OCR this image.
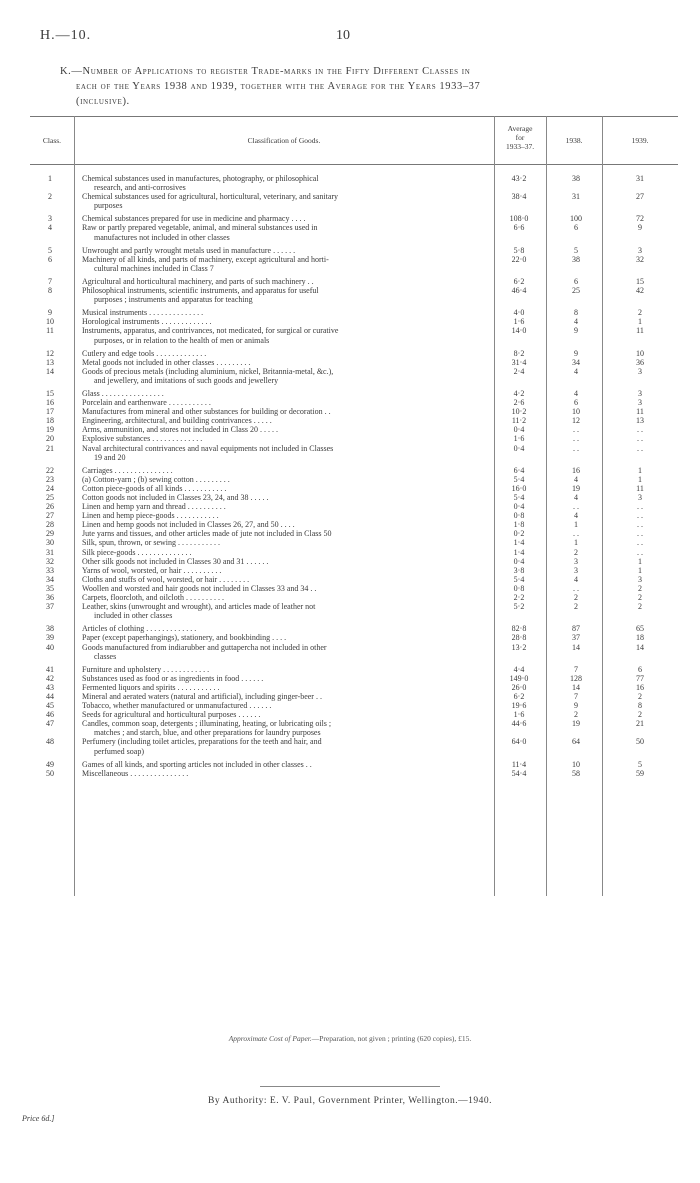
H.—10.	10
K.—Number of Applications to register Trade-marks in the Fifty Different Classes in
each of the Years 1938 and 1939, together with the Average for the Years 1933–37
(inclusive).
Class.	Classification of Goods.
Average
for
1933–37.
1938.	1939.
1	Chemical substances used in manufactures, photography, or philosophical
research, and anti-corrosives
43·2	38	31
2	Chemical substances used for agricultural, horticultural, veterinary, and sanitary
purposes
38·4	31	27
3	Chemical substances prepared for use in medicine and pharmacy . . . .	108·0	100	72
4	Raw or partly prepared vegetable, animal, and mineral substances used in
manufactures not included in other classes
6·6	6	9
5	Unwrought and partly wrought metals used in manufacture . . . . . .	5·8	5	3
6	Machinery of all kinds, and parts of machinery, except agricultural and horti-
cultural machines included in Class 7
22·0	38	32
7	Agricultural and horticultural machinery, and parts of such machinery . .	6·2	6	15
8	Philosophical instruments, scientific instruments, and apparatus for useful
purposes ; instruments and apparatus for teaching
46·4	25	42
9	Musical instruments . . . . . . . . . . . . . .	4·0	8	2
10	Horological instruments . . . . . . . . . . . . .	1·6	4	1
11	Instruments, apparatus, and contrivances, not medicated, for surgical or curative
purposes, or in relation to the health of men or animals
14·0	9	11
12	Cutlery and edge tools . . . . . . . . . . . . .	8·2	9	10
13	Metal goods not included in other classes . . . . . . . . .	31·4	34	36
14	Goods of precious metals (including aluminium, nickel, Britannia-metal, &c.),
and jewellery, and imitations of such goods and jewellery
2·4	4	3
15	Glass . . . . . . . . . . . . . . . .	4·2	4	3
16	Porcelain and earthenware . . . . . . . . . . .	2·6	6	3
17	Manufactures from mineral and other substances for building or decoration . .	10·2	10	11
18	Engineering, architectural, and building contrivances . . . . .	11·2	12	13
19	Arms, ammunition, and stores not included in Class 20 . . . . .	0·4	. .	. .
20	Explosive substances . . . . . . . . . . . . .	1·6	. .	. .
21	Naval architectural contrivances and naval equipments not included in Classes
19 and 20
0·4	. .	. .
22	Carriages . . . . . . . . . . . . . . .	6·4	16	1
23	(a) Cotton-yarn ; (b) sewing cotton . . . . . . . . .	5·4	4	1
24	Cotton piece-goods of all kinds . . . . . . . . . . .	16·0	19	11
25	Cotton goods not included in Classes 23, 24, and 38 . . . . .	5·4	4	3
26	Linen and hemp yarn and thread . . . . . . . . . .	0·4	. .	. .
27	Linen and hemp piece-goods . . . . . . . . . . .	0·8	4	. .
28	Linen and hemp goods not included in Classes 26, 27, and 50 . . . .	1·8	1	. .
29	Jute yarns and tissues, and other articles made of jute not included in Class 50	0·2	. .	. .
30	Silk, spun, thrown, or sewing . . . . . . . . . . .	1·4	1	. .
31	Silk piece-goods . . . . . . . . . . . . . .	1·4	2	. .
32	Other silk goods not included in Classes 30 and 31 . . . . . .	0·4	3	1
33	Yarns of wool, worsted, or hair . . . . . . . . . .	3·8	3	1
34	Cloths and stuffs of wool, worsted, or hair . . . . . . . .	5·4	4	3
35	Woollen and worsted and hair goods not included in Classes 33 and 34 . .	0·8	. .	2
36	Carpets, floorcloth, and oilcloth . . . . . . . . . .	2·2	2	2
37	Leather, skins (unwrought and wrought), and articles made of leather not
included in other classes
5·2	2	2
38	Articles of clothing . . . . . . . . . . . . .	82·8	87	65
39	Paper (except paperhangings), stationery, and bookbinding . . . .	28·8	37	18
40	Goods manufactured from indiarubber and guttapercha not included in other
classes
13·2	14	14
41	Furniture and upholstery . . . . . . . . . . . .	4·4	7	6
42	Substances used as food or as ingredients in food . . . . . .	149·0	128	77
43	Fermented liquors and spirits . . . . . . . . . . .	26·0	14	16
44	Mineral and aerated waters (natural and artificial), including ginger-beer . .	6·2	7	2
45	Tobacco, whether manufactured or unmanufactured . . . . . .	19·6	9	8
46	Seeds for agricultural and horticultural purposes . . . . . .	1·6	2	2
47	Candles, common soap, detergents ; illuminating, heating, or lubricating oils ;
matches ; and starch, blue, and other preparations for laundry purposes
44·6	19	21
48	Perfumery (including toilet articles, preparations for the teeth and hair, and
perfumed soap)
64·0	64	50
49	Games of all kinds, and sporting articles not included in other classes . .	11·4	10	5
50	Miscellaneous . . . . . . . . . . . . . . .	54·4	58	59
Approximate Cost of Paper.—Preparation, not given ; printing (620 copies), £15.
By Authority: E. V. Paul, Government Printer, Wellington.—1940.
Price 6d.]
